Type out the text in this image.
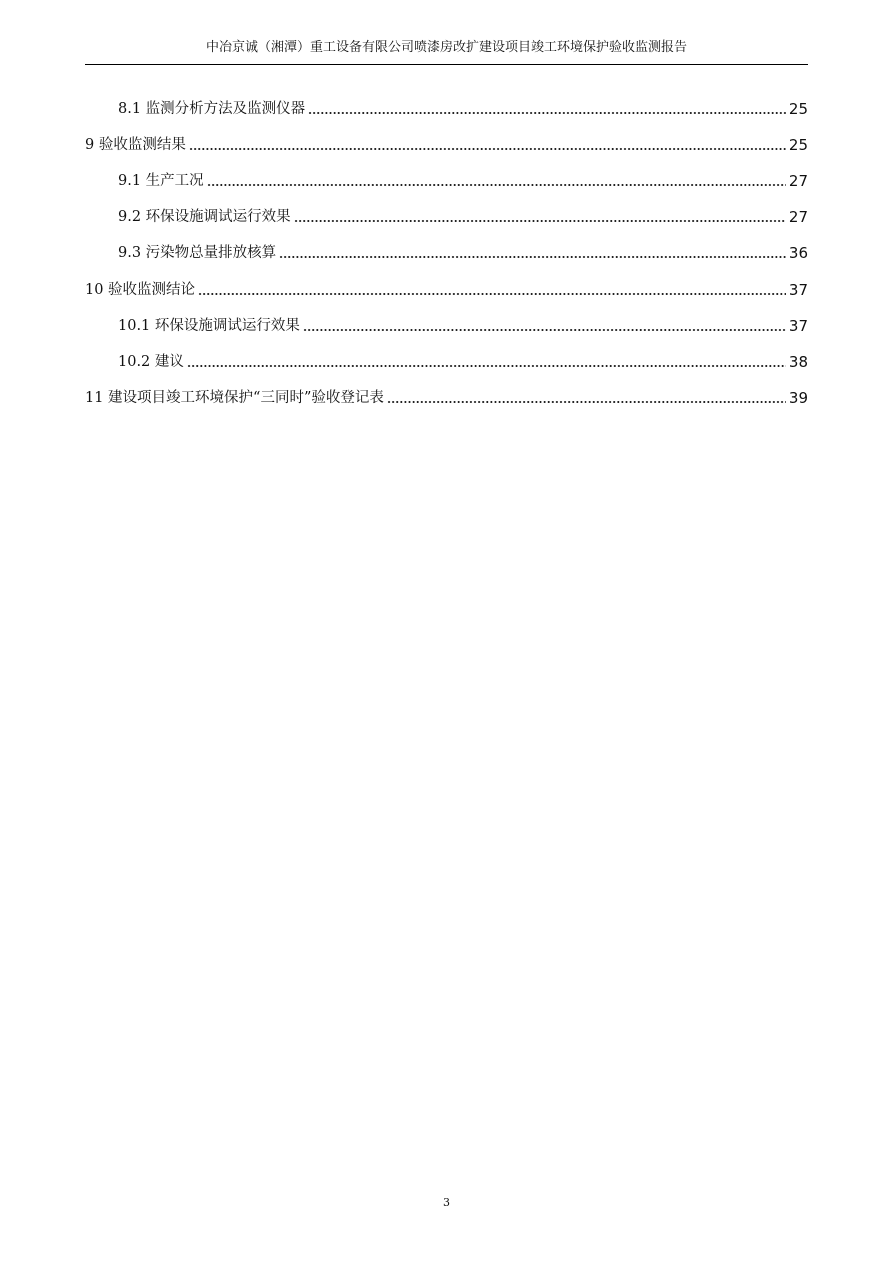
中冶京诚（湘潭）重工设备有限公司喷漆房改扩建设项目竣工环境保护验收监测报告
8.1 监测分析方法及监测仪器	25
9 验收监测结果	25
9.1 生产工况	27
9.2 环保设施调试运行效果	27
9.3 污染物总量排放核算	36
10 验收监测结论	37
10.1 环保设施调试运行效果	37
10.2 建议	38
11 建设项目竣工环境保护“三同时”验收登记表	39
3
